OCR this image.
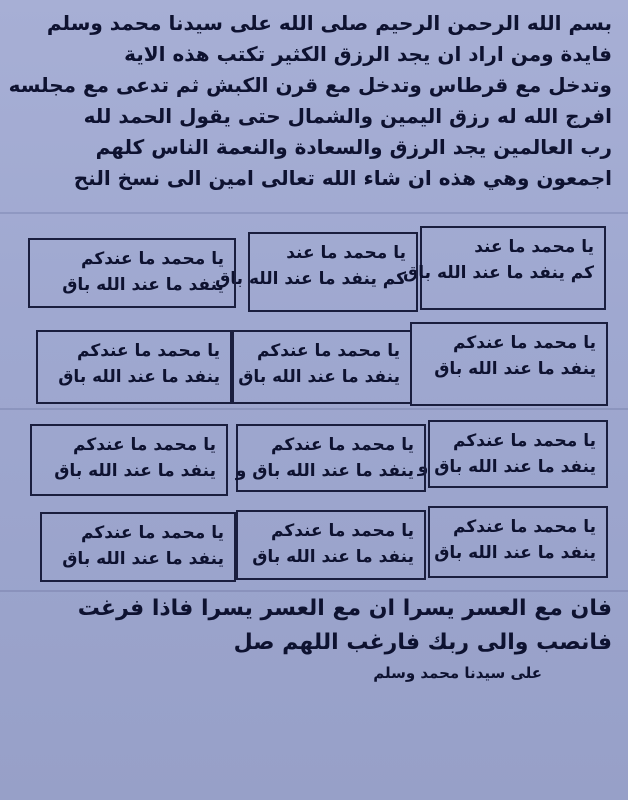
بسم الله الرحمن الرحيم صلى الله على سيدنا محمد وسلم
فايدة ومن اراد ان يجد الرزق الكثير تكتب هذه الاية
وتدخل مع قرطاس وتدخل مع قرن الكبش ثم تدعى مع مجلسه
افرج الله له رزق اليمين والشمال حتى يقول الحمد لله
رب العالمين يجد الرزق والسعادة والنعمة الناس كلهم
اجمعون وهي هذه ان شاء الله تعالى امين الى نسخ النح
يا محمد ما عند
كم ينفد ما عند الله باق
يا محمد ما عند
كم ينفد ما عند الله باق
يا محمد ما عندكم
ينفد ما عند الله باق
يا محمد ما عندكم
ينفد ما عند الله باق
يا محمد ما عندكم
ينفد ما عند الله باق
يا محمد ما عندكم
ينفد ما عند الله باق
يا محمد ما عندكم
ينفد ما عند الله باق و
يا محمد ما عندكم
ينفد ما عند الله باق و
يا محمد ما عندكم
ينفد ما عند الله باق
يا محمد ما عندكم
ينفد ما عند الله باق
يا محمد ما عندكم
ينفد ما عند الله باق
يا محمد ما عندكم
ينفد ما عند الله باق
فان مع العسر يسرا ان مع العسر يسرا فاذا فرغت
فانصب والى ربك فارغب اللهم صل
على سيدنا محمد وسلم
